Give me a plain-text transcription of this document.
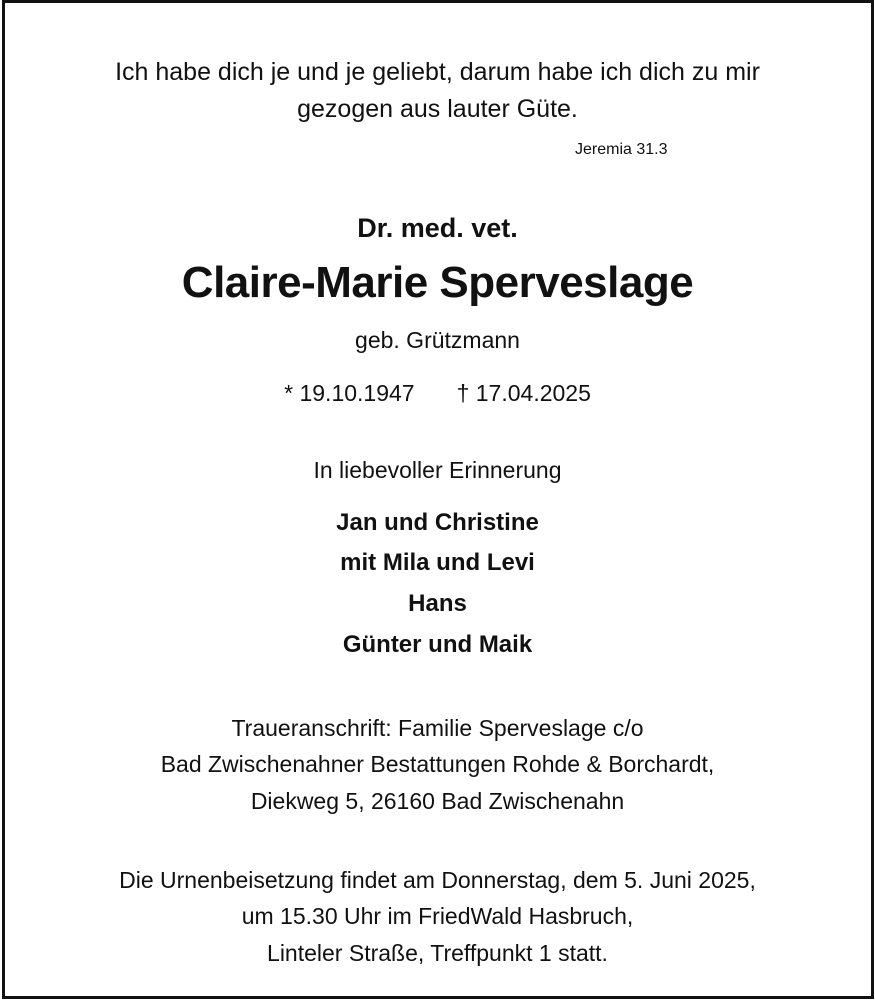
Ich habe dich je und je geliebt, darum habe ich dich zu mir
gezogen aus lauter Güte.
Jeremia 31.3
Dr. med. vet.
Claire-Marie Sperveslage
geb. Grützmann
* 19.10.1947 † 17.04.2025
In liebevoller Erinnerung
Jan und Christine
mit Mila und Levi
Hans
Günter und Maik
Traueranschrift: Familie Sperveslage c/o
Bad Zwischenahner Bestattungen Rohde & Borchardt,
Diekweg 5, 26160 Bad Zwischenahn
Die Urnenbeisetzung findet am Donnerstag, dem 5. Juni 2025,
um 15.30 Uhr im FriedWald Hasbruch,
Linteler Straße, Treffpunkt 1 statt.
